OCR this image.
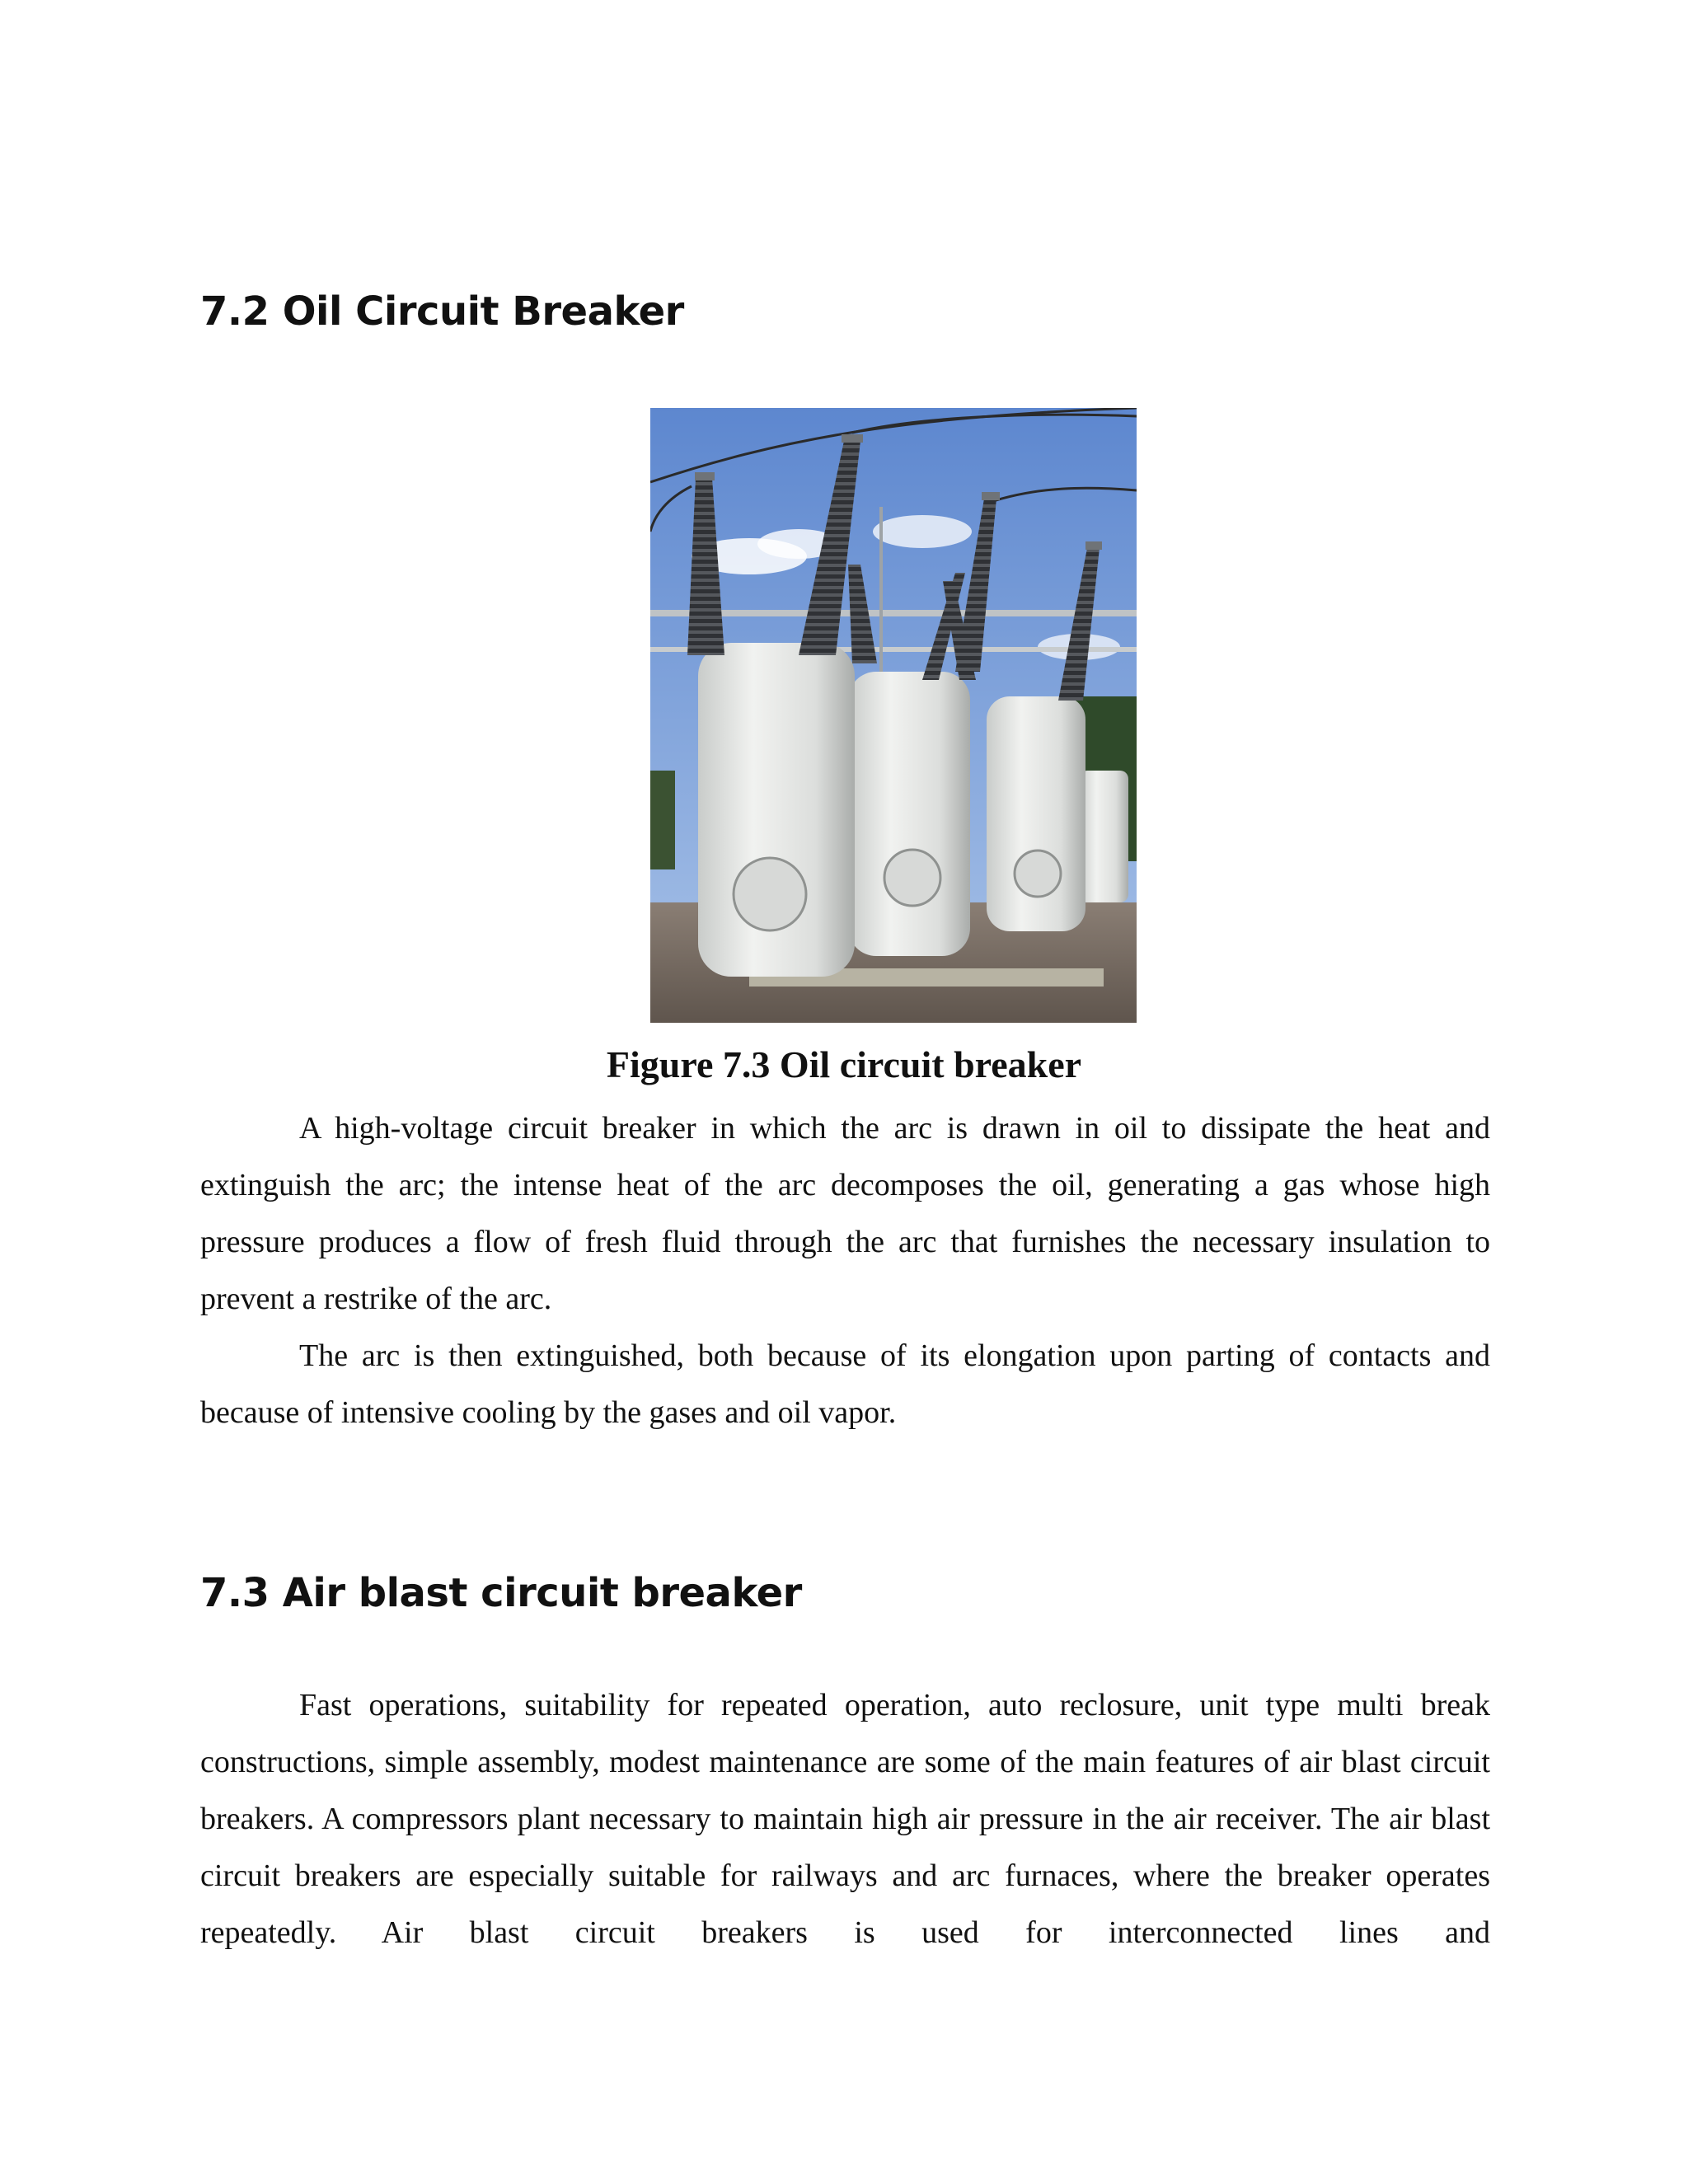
7.2 Oil Circuit Breaker
Figure 7.3 Oil circuit breaker

A high-voltage circuit breaker in which the arc is drawn in oil to dissipate the heat and extinguish the arc; the intense heat of the arc decomposes the oil, generating a gas whose high pressure produces a flow of fresh fluid through the arc that furnishes the necessary insulation to prevent a restrike of the arc.

The arc is then extinguished, both because of its elongation upon parting of contacts and because of intensive cooling by the gases and oil vapor.

7.3 Air blast circuit breaker

Fast operations, suitability for repeated operation, auto reclosure, unit type multi break constructions, simple assembly, modest maintenance are some of the main features of air blast circuit breakers. A compressors plant necessary to maintain high air pressure in the air receiver. The air blast circuit breakers are especially suitable for railways and arc furnaces, where the breaker operates repeatedly. Air blast circuit breakers is used for interconnected lines and
